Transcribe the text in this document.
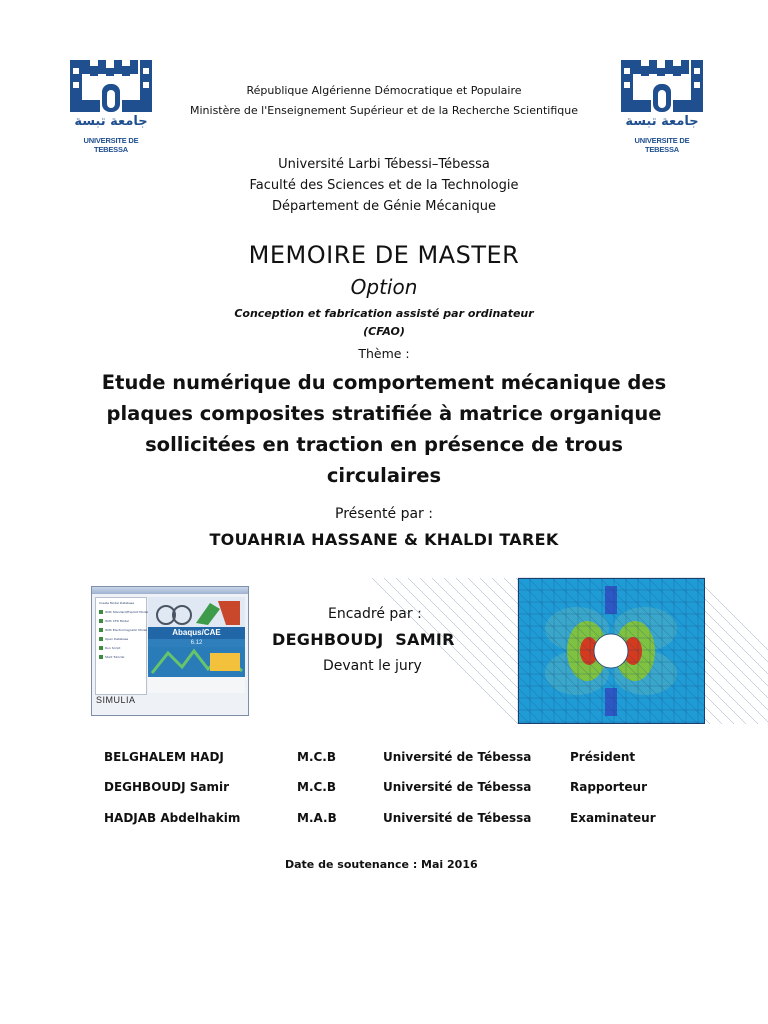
جامعة تبسة
UNIVERSITE DE TEBESSA
جامعة تبسة
UNIVERSITE DE TEBESSA
République Algérienne Démocratique et Populaire
Ministère de l'Enseignement Supérieur et de la Recherche Scientifique
Université Larbi Tébessi–Tébessa
Faculté des Sciences et de la Technologie
Département de Génie Mécanique
MEMOIRE DE MASTER
Option
Conception et fabrication assisté par ordinateur
(CFAO)
Thème :
Etude numérique du comportement mécanique des
plaques composites stratifiée à matrice organique
sollicitées en traction en présence de trous
circulaires
Présenté par :
TOUAHRIA HASSANE & KHALDI TAREK
Create Model Database
With Standard/Explicit Model
With CFD Model
With Electromagnetic Model
Open Database
Run Script
Start Tutorial
Abaqus/CAE
6.12
SIMULIA
Encadré par :
DEGHBOUDJ  SAMIR
Devant le jury
BELGHALEM HADJ	M.C.B	Université de Tébessa	Président
DEGHBOUDJ Samir	M.C.B	Université de Tébessa	Rapporteur
HADJAB Abdelhakim	M.A.B	Université de Tébessa	Examinateur
Date de soutenance : Mai 2016
